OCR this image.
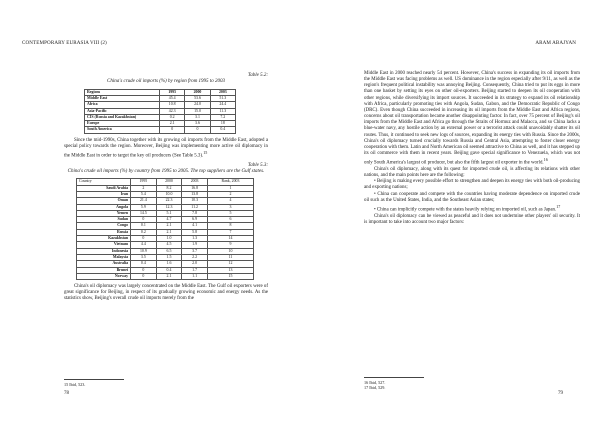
CONTEMPORARY EURASIA VIII (2)
Table 5.2:
China's crude oil imports (%) by region from 1995 to 2003
Regions	1995	2000	2003
Middle East	45.4	53.6	51.3
Africa	10.8	24.0	24.4
Asia-Pacific	42.3	15.0	11.3
CIS (Russia and Kazakhstan)	0.2	3.1	7.2
Europe	2.1	3.6	18
South America	0	0	0.4

Since the mid-1990s, China together with its growing oil imports from the Middle East, adopted a special policy towards the region. Moreover, Beijing was implementing more active oil diplomacy in the Middle East in order to target the key oil producers (See Table 5.3).$^{15}$

Table 5.3:
China's crude oil imports (%) by country from 1995 to 2005. The top suppliers are the Gulf states.
Country	1995	2000	2003	Rank, 2003
Saudi Arabia	2	8.2	16.8	1
Iran	5.4	10.0	13.8	2
Oman	21.4	22.3	10.3	4
Angola	5.9	12.3	11.2	3
Yemen	14.5	5.1	7.8	5
Sudan	0	4.7	6.9	6
Congo	0.1	2.1	4.1	8
Russia	0.2	2.1	5.8	7
Kazakhstan	0	1.0	1.3	14
Vietnam	4.4	4.5	1.9	9
Indonesia	10.9	6.5	3.7	10
Malaysia	3.5	1.5	2.2	11
Australia	0.4	1.6	2.0	12
Brunei	0	0.4	1.7	13
Norway	0	2.1	1.1	15

China's oil diplomacy was largely concentrated on the Middle East. The Gulf oil exporters were of great significance for Beijing, in respect of its gradually growing economic and energy needs. As the statistics show, Beijing's overall crude oil imports merely from the

15 Ibid, 523.
78
ARAM ABAJYAN

Middle East in 2000 reached nearly 54 percent. However, China's success in expanding its oil imports from the Middle East was facing problems as well. US dominance in the region especially after 9/11, as well as the region's frequent political instability was annoying Beijing. Consequently, China tried to put its eggs in more than one basket by setting its eyes on other oil-exporters. Beijing started to deepen its oil cooperation with other regions, while diversifying its import sources. It succeeded in its strategy to expand its oil relationship with Africa, particularly promoting ties with Angola, Sudan, Gabon, and the Democratic Republic of Congo (DRC). Even though China succeeded in increasing its oil imports from the Middle East and Africa regions, concerns about oil transportation became another disappointing factor. In fact, over 75 percent of Beijing's oil imports from the Middle East and Africa go through the Straits of Hormuz and Malacca, and so China lacks a blue-water navy, any hostile action by an external power or a terrorist attack could unavoidably shatter its oil routes. Thus, it continued to seek new logs of sources, expanding its energy ties with Russia. Since the 2000s, China's oil diplomacy turned crucially towards Russia and Central Asia, attempting to foster closer energy cooperation with them. Latin and North American oil seemed attractive to China as well, and it has stepped up its oil commerce with them in recent years. Beijing gave special significance to Venezuela, which was not only South America's largest oil producer, but also the fifth largest oil exporter in the world.$^{16}$

China's oil diplomacy, along with its quest for imported crude oil, is affecting its relations with other nations, and the main points here are the following:

• Beijing is making every possible effort to strengthen and deepen its energy ties with both oil-producing and exporting nations;

• China can cooperate and compete with the countries having moderate dependence on imported crude oil such as the United States, India, and the Southeast Asian states;

• China can implicitly compete with the states heavily relying on imported oil, such as Japan.$^{17}$

China's oil diplomacy can be viewed as peaceful and it does not undermine other players' oil security. It is important to take into account two major factors:

16 Ibid, 527.
17 Ibid, 529.
79
